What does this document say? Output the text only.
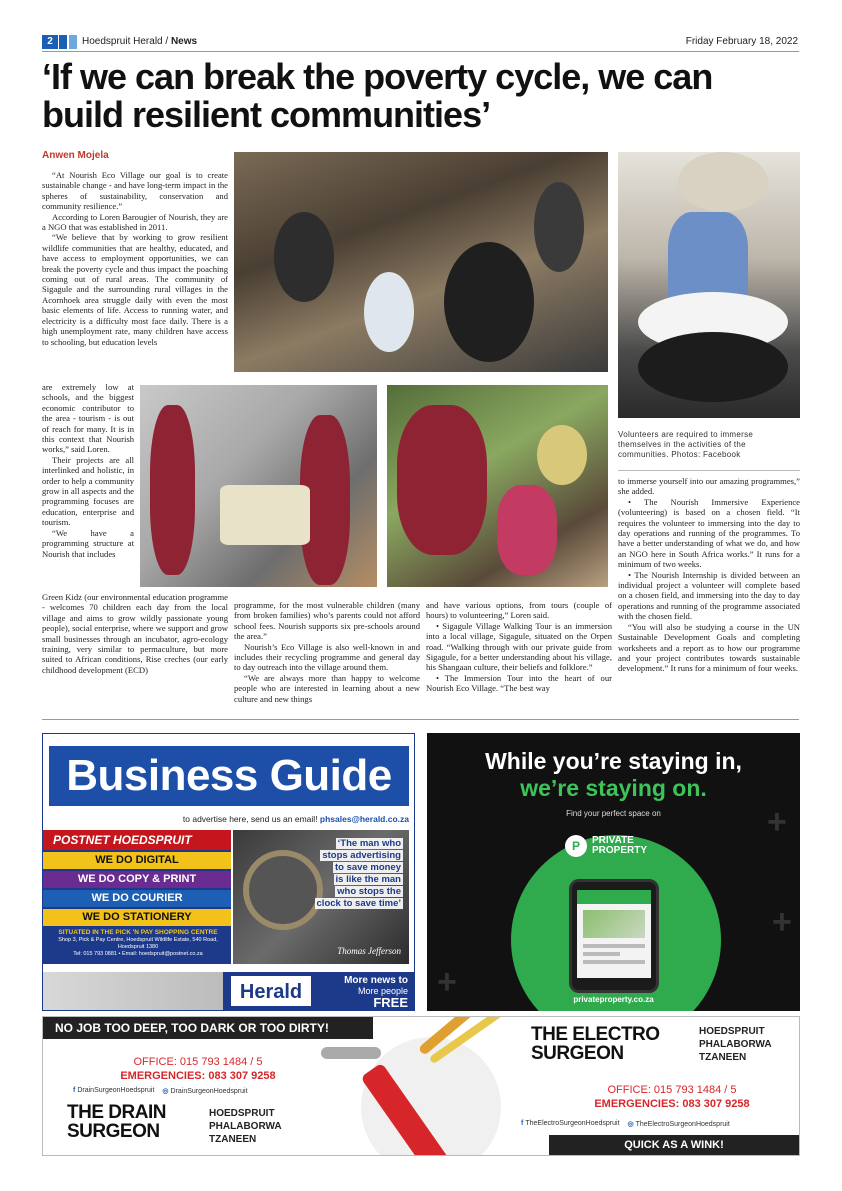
2	Hoedspruit Herald / News	Friday February 18, 2022
‘If we can break the poverty cycle, we can build resilient communities’
Anwen Mojela
Volunteers are required to immerse themselves in the activities of the communities. Photos: Facebook

“At Nourish Eco Village our goal is to create sustainable change - and have long-term impact in the spheres of sustainability, conservation and community resilience.”

According to Loren Barougier of Nourish, they are a NGO that was established in 2011.

“We believe that by working to grow resilient wildlife communities that are healthy, educated, and have access to employment opportunities, we can break the poverty cycle and thus impact the poaching coming out of rural areas. The community of Sigagule and the surrounding rural villages in the Acornhoek area struggle daily with even the most basic elements of life. Access to running water, and electricity is a difficulty most face daily. There is a high unemployment rate, many children have access to schooling, but education levels

are extremely low at schools, and the biggest economic contributor to the area - tourism - is out of reach for many. It is in this context that Nourish works,” said Loren.

Their projects are all interlinked and holistic, in order to help a community grow in all aspects and the programming focuses are education, enterprise and tourism.

“We have a programming structure at Nourish that includes

Green Kidz (our environmental education programme - welcomes 70 children each day from the local village and aims to grow wildly passionate young people), social enterprise, where we support and grow small businesses through an incubator, agro-ecology training, very similar to permaculture, but more suited to African conditions, Rise creches (our early childhood development (ECD)

programme, for the most vulnerable children (many from broken families) who’s parents could not afford school fees. Nourish supports six pre-schools around the area.”

Nourish’s Eco Village is also well-known in and includes their recycling programme and general day to day outreach into the village around them.

“We are always more than happy to welcome people who are interested in learning about a new culture and new things

and have various options, from tours (couple of hours) to volunteering,” Loren said.

• Sigagule Village Walking Tour is an immersion into a local village, Sigagule, situated on the Orpen road. “Walking through with our private guide from Sigagule, for a better understanding about his village, his Shangaan culture, their beliefs and folklore.”

• The Immersion Tour into the heart of our Nourish Eco Village. “The best way

to immerse yourself into our amazing programmes,” she added.

• The Nourish Immersive Experience (volunteering) is based on a chosen field. “It requires the volunteer to immersing into the day to day operations and running of the programmes. To have a better understanding of what we do, and how an NGO here in South Africa works.” It runs for a minimum of two weeks.

• The Nourish Internship is divided between an individual project a volunteer will complete based on a chosen field, and immersing into the day to day operations and running of the programme associated with the chosen field.

“You will also be studying a course in the UN Sustainable Development Goals and completing worksheets and a report as to how our programme and your project contributes towards sustainable development.” It runs for a minimum of four weeks.

Business Guide
to advertise here, send us an email! phsales@herald.co.za
POSTNET HOEDSPRUIT
WE DO DIGITAL
WE DO COPY & PRINT
WE DO COURIER
WE DO STATIONERY
SITUATED IN THE PICK 'N PAY SHOPPING CENTRE
Shop 3, Pick & Pay Centre, Hoedspruit Wildlife Estate, 540 Road, Hoedspruit 1380
Tel: 015 793 0881 • Email: hoedspruit@postnet.co.za
‘The man who
stops advertising
to save money
is like the man
who stops the
clock to save time’
Thomas Jefferson
Herald
More news to
More people
FREE
+
+
+
While you’re staying in,
we’re staying on.
Find your perfect space on
P	PRIVATE
PROPERTY
privateproperty.co.za
NO JOB TOO DEEP, TOO DARK OR TOO DIRTY!
OFFICE: 015 793 1484 / 5
EMERGENCIES: 083 307 9258
f DrainSurgeonHoedspruit ◎ DrainSurgeonHoedspruit
THE DRAIN
SURGEON
HOEDSPRUIT
PHALABORWA
TZANEEN
THE ELECTRO
SURGEON
HOEDSPRUIT
PHALABORWA
TZANEEN
OFFICE: 015 793 1484 / 5
EMERGENCIES: 083 307 9258
f TheElectroSurgeonHoedspruit ◎ TheElectroSurgeonHoedspruit
QUICK AS A WINK!
